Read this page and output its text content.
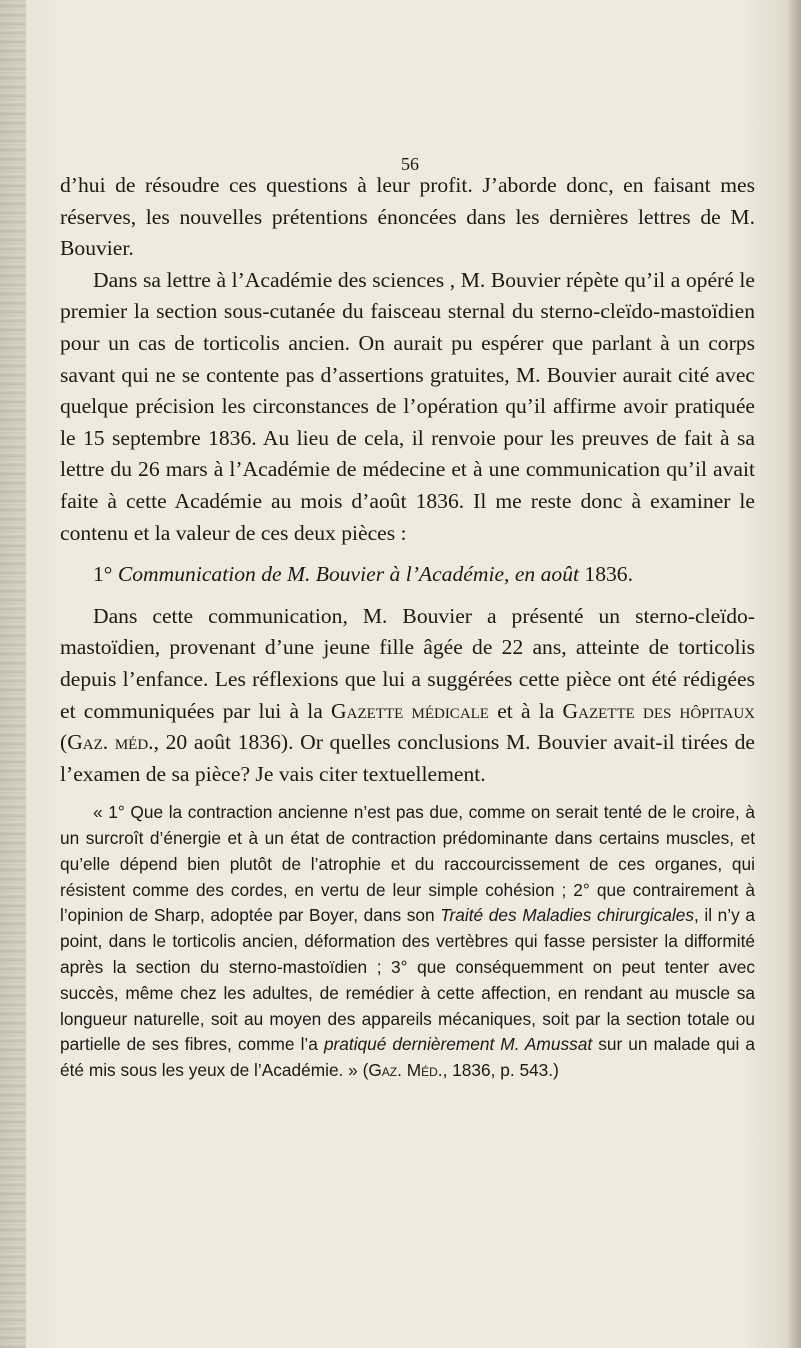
56

d’hui de résoudre ces questions à leur profit. J’aborde donc, en faisant mes réserves, les nouvelles prétentions énoncées dans les dernières lettres de M. Bouvier.

Dans sa lettre à l’Académie des sciences , M. Bouvier répète qu’il a opéré le premier la section sous-cutanée du faisceau sternal du sterno-cleïdo-mastoïdien pour un cas de torticolis ancien. On aurait pu espérer que parlant à un corps savant qui ne se contente pas d’assertions gratuites, M. Bouvier aurait cité avec quelque précision les circonstances de l’opération qu’il affirme avoir pratiquée le 15 septembre 1836. Au lieu de cela, il renvoie pour les preuves de fait à sa lettre du 26 mars à l’Académie de médecine et à une communication qu’il avait faite à cette Académie au mois d’août 1836. Il me reste donc à examiner le contenu et la valeur de ces deux pièces :

1° Communication de M. Bouvier à l’Académie, en août 1836.

Dans cette communication, M. Bouvier a présenté un sterno-cleïdo-mastoïdien, provenant d’une jeune fille âgée de 22 ans, atteinte de torticolis depuis l’enfance. Les réflexions que lui a suggérées cette pièce ont été rédigées et communiquées par lui à la Gazette médicale et à la Gazette des hôpitaux (Gaz. méd., 20 août 1836). Or quelles conclusions M. Bouvier avait-il tirées de l’examen de sa pièce? Je vais citer textuellement.

« 1° Que la contraction ancienne n’est pas due, comme on serait tenté de le croire, à un surcroît d’énergie et à un état de contraction prédominante dans certains muscles, et qu’elle dépend bien plutôt de l’atrophie et du raccourcissement de ces organes, qui résistent comme des cordes, en vertu de leur simple cohésion ; 2° que contrairement à l’opinion de Sharp, adoptée par Boyer, dans son Traité des Maladies chirurgicales, il n’y a point, dans le torticolis ancien, déformation des vertèbres qui fasse persister la difformité après la section du sterno-mastoïdien ; 3° que conséquemment on peut tenter avec succès, même chez les adultes, de remédier à cette affection, en rendant au muscle sa longueur naturelle, soit au moyen des appareils mécaniques, soit par la section totale ou partielle de ses fibres, comme l’a pratiqué dernièrement M. Amussat sur un malade qui a été mis sous les yeux de l’Académie. » (Gaz. Méd., 1836, p. 543.)
